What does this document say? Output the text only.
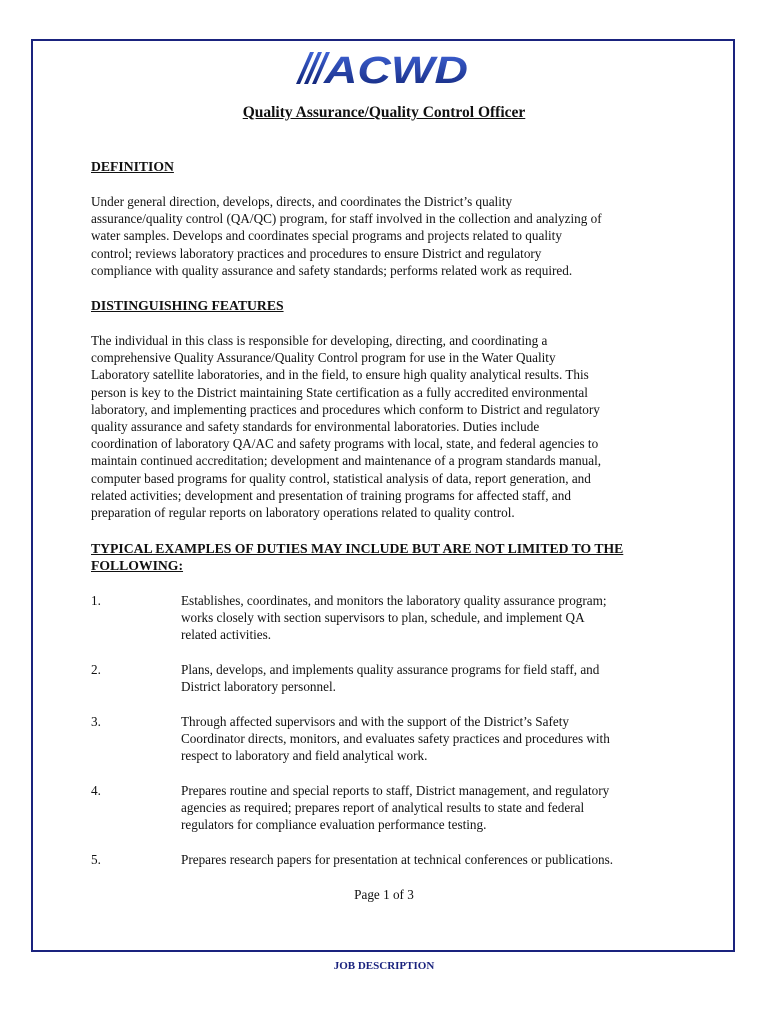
ACWD
Quality Assurance/Quality Control Officer
DEFINITION
Under general direction, develops, directs, and coordinates the District’s quality
assurance/quality control (QA/QC) program, for staff involved in the collection and analyzing of
water samples. Develops and coordinates special programs and projects related to quality
control; reviews laboratory practices and procedures to ensure District and regulatory
compliance with quality assurance and safety standards; performs related work as required.
DISTINGUISHING FEATURES
The individual in this class is responsible for developing, directing, and coordinating a
comprehensive Quality Assurance/Quality Control program for use in the Water Quality
Laboratory satellite laboratories, and in the field, to ensure high quality analytical results. This
person is key to the District maintaining State certification as a fully accredited environmental
laboratory, and implementing practices and procedures which conform to District and regulatory
quality assurance and safety standards for environmental laboratories. Duties include
coordination of laboratory QA/AC and safety programs with local, state, and federal agencies to
maintain continued accreditation; development and maintenance of a program standards manual,
computer based programs for quality control, statistical analysis of data, report generation, and
related activities; development and presentation of training programs for affected staff, and
preparation of regular reports on laboratory operations related to quality control.
TYPICAL EXAMPLES OF DUTIES MAY INCLUDE BUT ARE NOT LIMITED TO THE FOLLOWING:
1.	Establishes, coordinates, and monitors the laboratory quality assurance program;
works closely with section supervisors to plan, schedule, and implement QA
related activities.
2.	Plans, develops, and implements quality assurance programs for field staff, and
District laboratory personnel.
3.	Through affected supervisors and with the support of the District’s Safety
Coordinator directs, monitors, and evaluates safety practices and procedures with
respect to laboratory and field analytical work.
4.	Prepares routine and special reports to staff, District management, and regulatory
agencies as required; prepares report of analytical results to state and federal
regulators for compliance evaluation performance testing.
5.	Prepares research papers for presentation at technical conferences or publications.
Page 1 of 3
JOB DESCRIPTION
